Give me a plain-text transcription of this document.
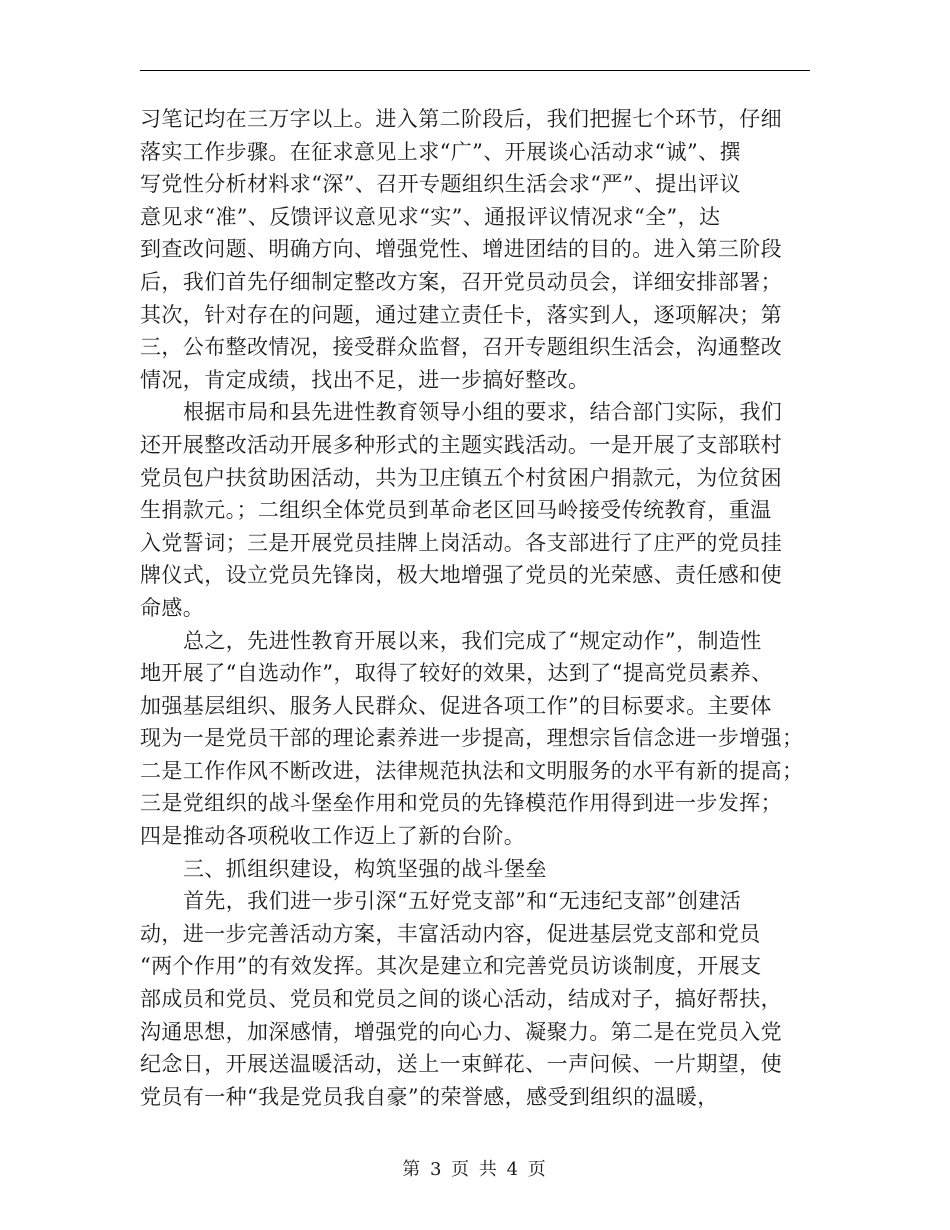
习笔记均在三万字以上。进入第二阶段后，我们把握七个环节，仔细
落实工作步骤。在征求意见上求“广”、开展谈心活动求“诚”、撰
写党性分析材料求“深”、召开专题组织生活会求“严”、提出评议
意见求“准”、反馈评议意见求“实”、通报评议情况求“全”，达
到查改问题、明确方向、增强党性、增进团结的目的。进入第三阶段
后，我们首先仔细制定整改方案，召开党员动员会，详细安排部署；
其次，针对存在的问题，通过建立责任卡，落实到人，逐项解决；第
三，公布整改情况，接受群众监督，召开专题组织生活会，沟通整改
情况，肯定成绩，找出不足，进一步搞好整改。
根据市局和县先进性教育领导小组的要求，结合部门实际，我们
还开展整改活动开展多种形式的主题实践活动。一是开展了支部联村
党员包户扶贫助困活动，共为卫庄镇五个村贫困户捐款元，为位贫困
生捐款元。；二组织全体党员到革命老区回马岭接受传统教育，重温
入党誓词；三是开展党员挂牌上岗活动。各支部进行了庄严的党员挂
牌仪式，设立党员先锋岗，极大地增强了党员的光荣感、责任感和使
命感。
总之，先进性教育开展以来，我们完成了“规定动作”，制造性
地开展了“自选动作”，取得了较好的效果，达到了“提高党员素养、
加强基层组织、服务人民群众、促进各项工作”的目标要求。主要体
现为一是党员干部的理论素养进一步提高，理想宗旨信念进一步增强；
二是工作作风不断改进，法律规范执法和文明服务的水平有新的提高；
三是党组织的战斗堡垒作用和党员的先锋模范作用得到进一步发挥；
四是推动各项税收工作迈上了新的台阶。
三、抓组织建设，构筑坚强的战斗堡垒
首先，我们进一步引深“五好党支部”和“无违纪支部”创建活
动，进一步完善活动方案，丰富活动内容，促进基层党支部和党员
“两个作用”的有效发挥。其次是建立和完善党员访谈制度，开展支
部成员和党员、党员和党员之间的谈心活动，结成对子，搞好帮扶，
沟通思想，加深感情，增强党的向心力、凝聚力。第二是在党员入党
纪念日，开展送温暖活动，送上一束鲜花、一声问候、一片期望，使
党员有一种“我是党员我自豪”的荣誉感，感受到组织的温暖，
第 3 页 共 4 页
